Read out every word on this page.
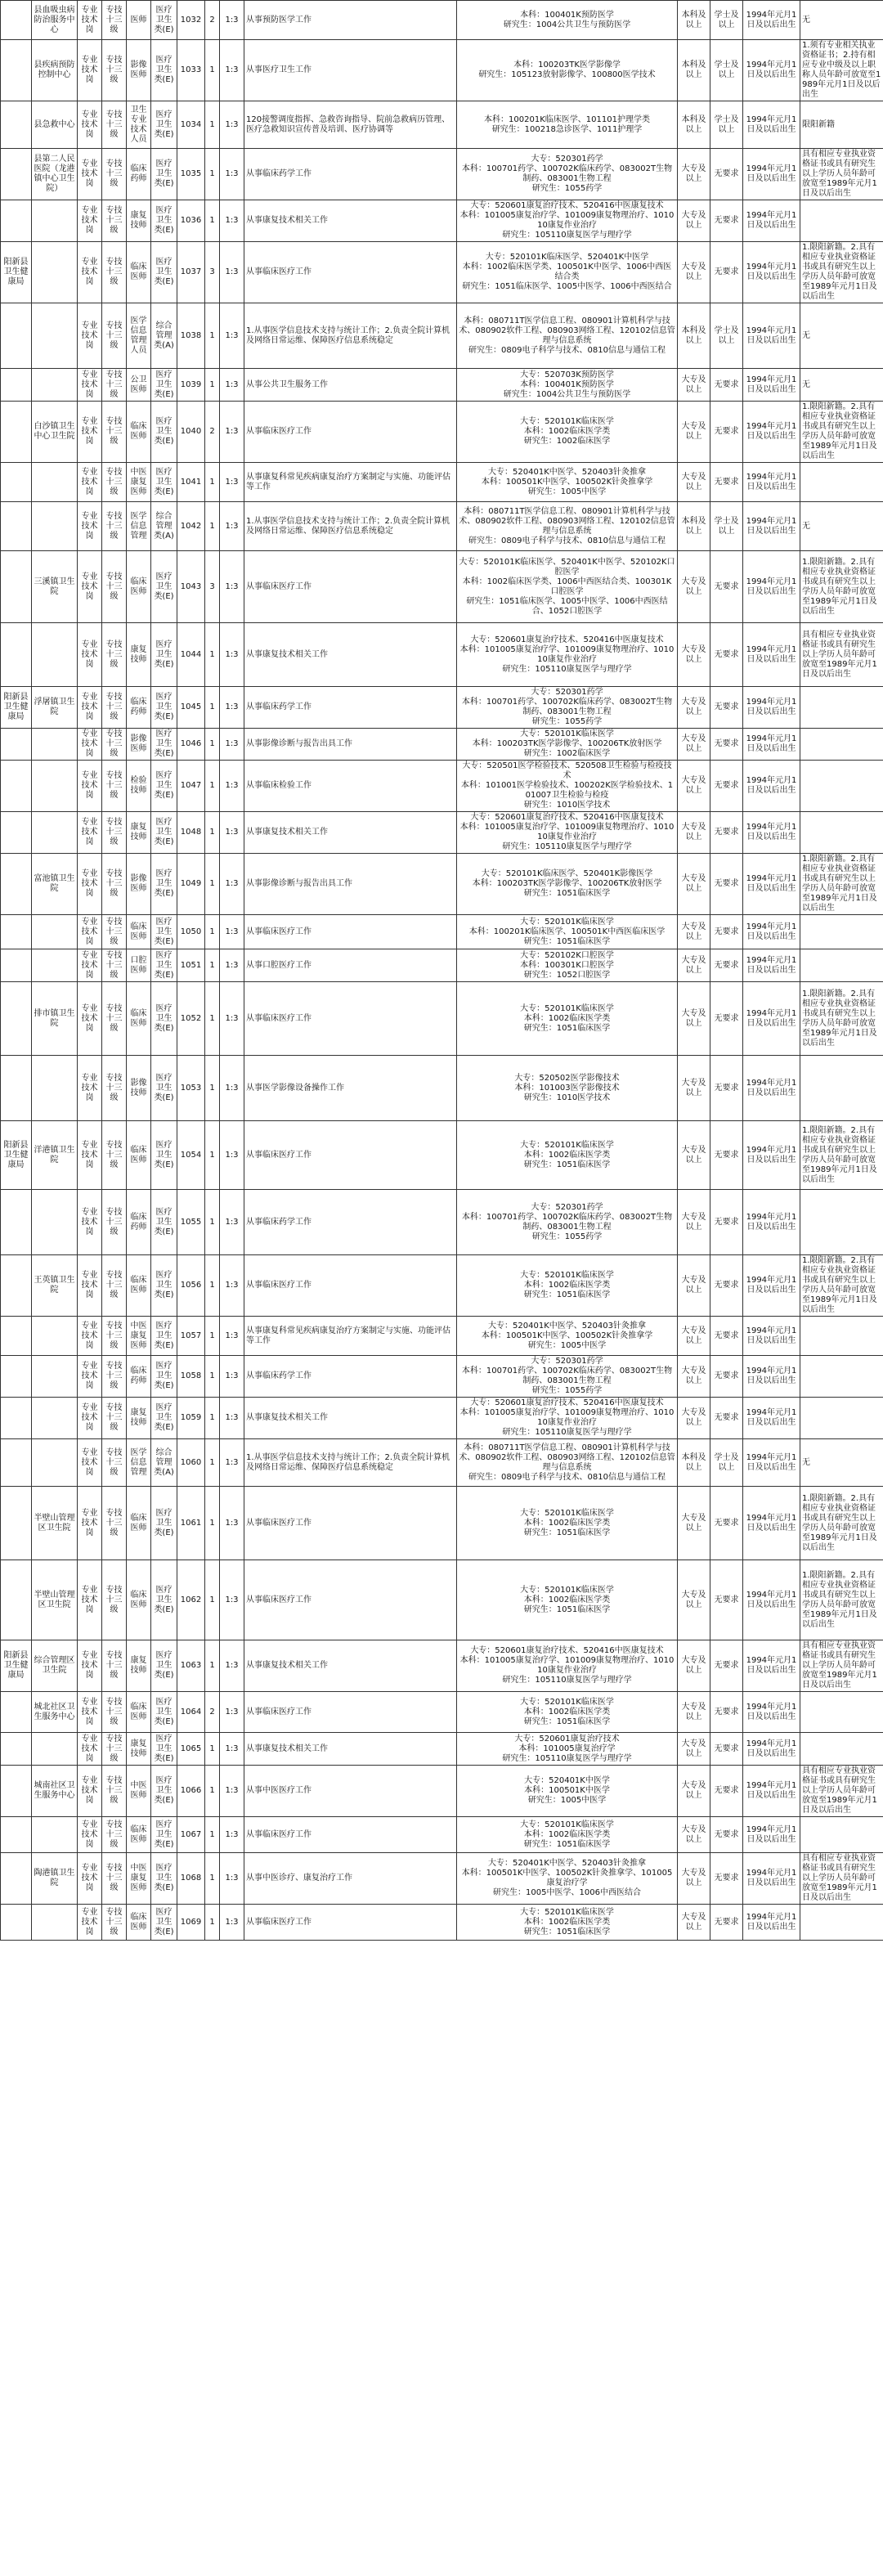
	县血吸虫病防治服务中心	专业技术岗	专技十三级	医师	医疗卫生类(E)	1032	2	1:3	从事预防医学工作	本科：100401K预防医学
研究生：1004公共卫生与预防医学	本科及以上	学士及以上	1994年元月1日及以后出生	无
	县疾病预防控制中心	专业技术岗	专技十三级	影像医师	医疗卫生类(E)	1033	1	1:3	从事医疗卫生工作	本科：100203TK医学影像学
研究生：105123放射影像学、100800医学技术	本科及以上	学士及以上	1994年元月1日及以后出生	1.须有专业相关执业资格证书；2.持有相应专业中级及以上职称人员年龄可放宽至1989年元月1日及以后出生
	县急救中心	专业技术岗	专技十三级	卫生专业技术人员	医疗卫生类(E)	1034	1	1:3	120接警调度指挥、急救咨询指导、院前急救病历管理、医疗急救知识宣传普及培训、医疗协调等	本科：100201K临床医学、101101护理学类
研究生：100218急诊医学、1011护理学	本科及以上	学士及以上	1994年元月1日及以后出生	限阳新籍
	县第二人民医院（龙港镇中心卫生院）	专业技术岗	专技十三级	临床药师	医疗卫生类(E)	1035	1	1:3	从事临床药学工作	大专：520301药学
本科：100701药学、100702K临床药学、083002T生物制药、083001生物工程
研究生：1055药学	大专及以上	无要求	1994年元月1日及以后出生	具有相应专业执业资格证书或具有研究生以上学历人员年龄可放宽至1989年元月1日及以后出生
		专业技术岗	专技十三级	康复技师	医疗卫生类(E)	1036	1	1:3	从事康复技术相关工作	大专：520601康复治疗技术、520416中医康复技术
本科：101005康复治疗学、101009康复物理治疗、101010康复作业治疗
研究生：105110康复医学与理疗学	大专及以上	无要求	1994年元月1日及以后出生	
阳新县卫生健康局		专业技术岗	专技十三级	临床医师	医疗卫生类(E)	1037	3	1:3	从事临床医疗工作	大专：520101K临床医学、520401K中医学
本科：1002临床医学类、100501K中医学、1006中西医结合类
研究生：1051临床医学、1005中医学、1006中西医结合	大专及以上	无要求	1994年元月1日及以后出生	1.限阳新籍。2.具有相应专业执业资格证书或具有研究生以上学历人员年龄可放宽至1989年元月1日及以后出生
		专业技术岗	专技十三级	医学信息管理人员	综合管理类(A)	1038	1	1:3	1.从事医学信息技术支持与统计工作；2.负责全院计算机及网络日常运维、保障医疗信息系统稳定	本科：080711T医学信息工程、080901计算机科学与技术、080902软件工程、080903网络工程、120102信息管理与信息系统
研究生：0809电子科学与技术、0810信息与通信工程	本科及以上	学士及以上	1994年元月1日及以后出生	无
		专业技术岗	专技十三级	公卫医师	医疗卫生类(E)	1039	1	1:3	从事公共卫生服务工作	大专：520703K预防医学
本科：100401K预防医学
研究生：1004公共卫生与预防医学	大专及以上	无要求	1994年元月1日及以后出生	无
	白沙镇卫生中心卫生院	专业技术岗	专技十三级	临床医师	医疗卫生类(E)	1040	2	1:3	从事临床医疗工作	大专：520101K临床医学
本科：1002临床医学类
研究生：1002临床医学	大专及以上	无要求	1994年元月1日及以后出生	1.限阳新籍。2.具有相应专业执业资格证书或具有研究生以上学历人员年龄可放宽至1989年元月1日及以后出生
		专业技术岗	专技十三级	中医康复医师	医疗卫生类(E)	1041	1	1:3	从事康复科常见疾病康复治疗方案制定与实施、功能评估等工作	大专：520401K中医学、520403针灸推拿
本科：100501K中医学、100502K针灸推拿学
研究生：1005中医学	大专及以上	无要求	1994年元月1日及以后出生	
		专业技术岗	专技十三级	医学信息管理	综合管理类(A)	1042	1	1:3	1.从事医学信息技术支持与统计工作；2.负责全院计算机及网络日常运维、保障医疗信息系统稳定	本科：080711T医学信息工程、080901计算机科学与技术、080902软件工程、080903网络工程、120102信息管理与信息系统
研究生：0809电子科学与技术、0810信息与通信工程	本科及以上	学士及以上	1994年元月1日及以后出生	无
	三溪镇卫生院	专业技术岗	专技十三级	临床医师	医疗卫生类(E)	1043	3	1:3	从事临床医疗工作	大专：520101K临床医学、520401K中医学、520102K口腔医学
本科：1002临床医学类、1006中西医结合类、100301K口腔医学
研究生：1051临床医学、1005中医学、1006中西医结合、1052口腔医学	大专及以上	无要求	1994年元月1日及以后出生	1.限阳新籍。2.具有相应专业执业资格证书或具有研究生以上学历人员年龄可放宽至1989年元月1日及以后出生
		专业技术岗	专技十三级	康复技师	医疗卫生类(E)	1044	1	1:3	从事康复技术相关工作	大专：520601康复治疗技术、520416中医康复技术
本科：101005康复治疗学、101009康复物理治疗、101010康复作业治疗
研究生：105110康复医学与理疗学	大专及以上	无要求	1994年元月1日及以后出生	具有相应专业执业资格证书或具有研究生以上学历人员年龄可放宽至1989年元月1日及以后出生
阳新县卫生健康局	浮屠镇卫生院	专业技术岗	专技十三级	临床药师	医疗卫生类(E)	1045	1	1:3	从事临床药学工作	大专：520301药学
本科：100701药学、100702K临床药学、083002T生物制药、083001生物工程
研究生：1055药学	大专及以上	无要求	1994年元月1日及以后出生	
		专业技术岗	专技十三级	影像医师	医疗卫生类(E)	1046	1	1:3	从事影像诊断与报告出具工作	大专：520101K临床医学
本科：100203TK医学影像学、100206TK放射医学
研究生：1002临床医学	大专及以上	无要求	1994年元月1日及以后出生	
		专业技术岗	专技十三级	检验技师	医疗卫生类(E)	1047	1	1:3	从事临床检验工作	大专：520501医学检验技术、520508卫生检验与检疫技术
本科：101001医学检验技术、100202K医学检验技术、101007卫生检验与检疫
研究生：1010医学技术	大专及以上	无要求	1994年元月1日及以后出生	
		专业技术岗	专技十三级	康复技师	医疗卫生类(E)	1048	1	1:3	从事康复技术相关工作	大专：520601康复治疗技术、520416中医康复技术
本科：101005康复治疗学、101009康复物理治疗、101010康复作业治疗
研究生：105110康复医学与理疗学	大专及以上	无要求	1994年元月1日及以后出生	
	富池镇卫生院	专业技术岗	专技十三级	影像医师	医疗卫生类(E)	1049	1	1:3	从事影像诊断与报告出具工作	大专：520101K临床医学、520401K影像医学
本科：100203TK医学影像学、100206TK放射医学
研究生：1051临床医学	大专及以上	无要求	1994年元月1日及以后出生	1.限阳新籍。2.具有相应专业执业资格证书或具有研究生以上学历人员年龄可放宽至1989年元月1日及以后出生
		专业技术岗	专技十三级	临床医师	医疗卫生类(E)	1050	1	1:3	从事临床医疗工作	大专：520101K临床医学
本科：100201K临床医学、100501K中西医临床医学
研究生：1051临床医学	大专及以上	无要求	1994年元月1日及以后出生	
		专业技术岗	专技十三级	口腔医师	医疗卫生类(E)	1051	1	1:3	从事口腔医疗工作	大专：520102K口腔医学
本科：100301K口腔医学
研究生：1052口腔医学	大专及以上	无要求	1994年元月1日及以后出生	
	排市镇卫生院	专业技术岗	专技十三级	临床医师	医疗卫生类(E)	1052	1	1:3	从事临床医疗工作	大专：520101K临床医学
本科：1002临床医学类
研究生：1051临床医学	大专及以上	无要求	1994年元月1日及以后出生	1.限阳新籍。2.具有相应专业执业资格证书或具有研究生以上学历人员年龄可放宽至1989年元月1日及以后出生
		专业技术岗	专技十三级	影像技师	医疗卫生类(E)	1053	1	1:3	从事医学影像设备操作工作	大专：520502医学影像技术
本科：101003医学影像技术
研究生：1010医学技术	大专及以上	无要求	1994年元月1日及以后出生	
阳新县卫生健康局	洋港镇卫生院	专业技术岗	专技十三级	临床医师	医疗卫生类(E)	1054	1	1:3	从事临床医疗工作	大专：520101K临床医学
本科：1002临床医学类
研究生：1051临床医学	大专及以上	无要求	1994年元月1日及以后出生	1.限阳新籍。2.具有相应专业执业资格证书或具有研究生以上学历人员年龄可放宽至1989年元月1日及以后出生
		专业技术岗	专技十三级	临床药师	医疗卫生类(E)	1055	1	1:3	从事临床药学工作	大专：520301药学
本科：100701药学、100702K临床药学、083002T生物制药、083001生物工程
研究生：1055药学	大专及以上	无要求	1994年元月1日及以后出生	
	王英镇卫生院	专业技术岗	专技十三级	临床医师	医疗卫生类(E)	1056	1	1:3	从事临床医疗工作	大专：520101K临床医学
本科：1002临床医学类
研究生：1051临床医学	大专及以上	无要求	1994年元月1日及以后出生	1.限阳新籍。2.具有相应专业执业资格证书或具有研究生以上学历人员年龄可放宽至1989年元月1日及以后出生
		专业技术岗	专技十三级	中医康复医师	医疗卫生类(E)	1057	1	1:3	从事康复科常见疾病康复治疗方案制定与实施、功能评估等工作	大专：520401K中医学、520403针灸推拿
本科：100501K中医学、100502K针灸推拿学
研究生：1005中医学	大专及以上	无要求	1994年元月1日及以后出生	
		专业技术岗	专技十三级	临床药师	医疗卫生类(E)	1058	1	1:3	从事临床药学工作	大专：520301药学
本科：100701药学、100702K临床药学、083002T生物制药、083001生物工程
研究生：1055药学	大专及以上	无要求	1994年元月1日及以后出生	
		专业技术岗	专技十三级	康复技师	医疗卫生类(E)	1059	1	1:3	从事康复技术相关工作	大专：520601康复治疗技术、520416中医康复技术
本科：101005康复治疗学、101009康复物理治疗、101010康复作业治疗
研究生：105110康复医学与理疗学	大专及以上	无要求	1994年元月1日及以后出生	
		专业技术岗	专技十三级	医学信息管理	综合管理类(A)	1060	1	1:3	1.从事医学信息技术支持与统计工作；2.负责全院计算机及网络日常运维、保障医疗信息系统稳定	本科：080711T医学信息工程、080901计算机科学与技术、080902软件工程、080903网络工程、120102信息管理与信息系统
研究生：0809电子科学与技术、0810信息与通信工程	本科及以上	学士及以上	1994年元月1日及以后出生	无
	半壁山管理区卫生院	专业技术岗	专技十三级	临床医师	医疗卫生类(E)	1061	1	1:3	从事临床医疗工作	大专：520101K临床医学
本科：1002临床医学类
研究生：1051临床医学	大专及以上	无要求	1994年元月1日及以后出生	1.限阳新籍。2.具有相应专业执业资格证书或具有研究生以上学历人员年龄可放宽至1989年元月1日及以后出生
	半壁山管理区卫生院	专业技术岗	专技十三级	临床医师	医疗卫生类(E)	1062	1	1:3	从事临床医疗工作	大专：520101K临床医学
本科：1002临床医学类
研究生：1051临床医学	大专及以上	无要求	1994年元月1日及以后出生	1.限阳新籍。2.具有相应专业执业资格证书或具有研究生以上学历人员年龄可放宽至1989年元月1日及以后出生
阳新县卫生健康局	综合管理区卫生院	专业技术岗	专技十三级	康复技师	医疗卫生类(E)	1063	1	1:3	从事康复技术相关工作	大专：520601康复治疗技术、520416中医康复技术
本科：101005康复治疗学、101009康复物理治疗、101010康复作业治疗
研究生：105110康复医学与理疗学	大专及以上	无要求	1994年元月1日及以后出生	具有相应专业执业资格证书或具有研究生以上学历人员年龄可放宽至1989年元月1日及以后出生
	城北社区卫生服务中心	专业技术岗	专技十三级	临床医师	医疗卫生类(E)	1064	2	1:3	从事临床医疗工作	大专：520101K临床医学
本科：1002临床医学类
研究生：1051临床医学	大专及以上	无要求	1994年元月1日及以后出生	
		专业技术岗	专技十三级	康复技师	医疗卫生类(E)	1065	1	1:3	从事康复技术相关工作	大专：520601康复治疗技术
本科：101005康复治疗学
研究生：105110康复医学与理疗学	大专及以上	无要求	1994年元月1日及以后出生	
	城南社区卫生服务中心	专业技术岗	专技十三级	中医医师	医疗卫生类(E)	1066	1	1:3	从事中医医疗工作	大专：520401K中医学
本科：100501K中医学
研究生：1005中医学	大专及以上	无要求	1994年元月1日及以后出生	具有相应专业执业资格证书或具有研究生以上学历人员年龄可放宽至1989年元月1日及以后出生
		专业技术岗	专技十三级	临床医师	医疗卫生类(E)	1067	1	1:3	从事临床医疗工作	大专：520101K临床医学
本科：1002临床医学类
研究生：1051临床医学	大专及以上	无要求	1994年元月1日及以后出生	
	陶港镇卫生院	专业技术岗	专技十三级	中医康复医师	医疗卫生类(E)	1068	1	1:3	从事中医诊疗、康复治疗工作	大专：520401K中医学、520403针灸推拿
本科：100501K中医学、100502K针灸推拿学、101005康复治疗学
研究生：1005中医学、1006中西医结合	大专及以上	无要求	1994年元月1日及以后出生	具有相应专业执业资格证书或具有研究生以上学历人员年龄可放宽至1989年元月1日及以后出生
		专业技术岗	专技十三级	临床医师	医疗卫生类(E)	1069	1	1:3	从事临床医疗工作	大专：520101K临床医学
本科：1002临床医学类
研究生：1051临床医学	大专及以上	无要求	1994年元月1日及以后出生	
